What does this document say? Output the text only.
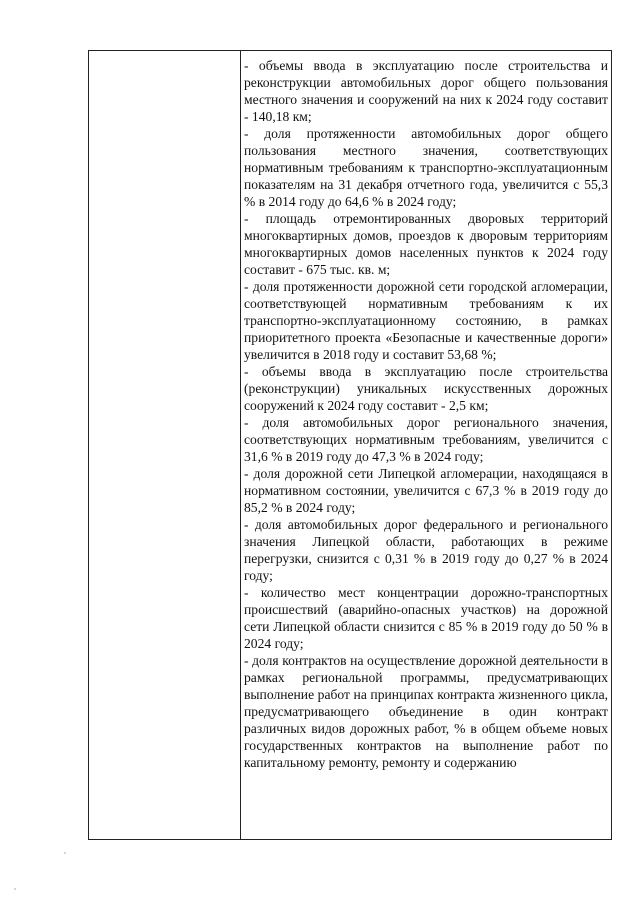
- объемы ввода в эксплуатацию после строительства и реконструкции автомобильных дорог общего пользования местного значения и сооружений на них к 2024 году составит - 140,18 км;

- доля протяженности автомобильных дорог общего пользования местного значения, соответствующих нормативным требованиям к транспортно-эксплуатационным показателям на 31 декабря отчетного года, увеличится с 55,3 % в 2014 году до 64,6 % в 2024 году;

- площадь отремонтированных дворовых территорий многоквартирных домов, проездов к дворовым территориям многоквартирных домов населенных пунктов к 2024 году составит - 675 тыс. кв. м;

- доля протяженности дорожной сети городской агломерации, соответствующей нормативным требованиям к их транспортно-эксплуатационному состоянию, в рамках приоритетного проекта «Безопасные и качественные дороги» увеличится в 2018 году и составит 53,68 %;

- объемы ввода в эксплуатацию после строительства (реконструкции) уникальных искусственных дорожных сооружений к 2024 году составит - 2,5 км;

- доля автомобильных дорог регионального значения, соответствующих нормативным требованиям, увеличится с 31,6 % в 2019 году до 47,3 % в 2024 году;

- доля дорожной сети Липецкой агломерации, находящаяся в нормативном состоянии, увеличится с 67,3 % в 2019 году до 85,2 % в 2024 году;

- доля автомобильных дорог федерального и регионального значения Липецкой области, работающих в режиме перегрузки, снизится с 0,31 % в 2019 году до 0,27 % в 2024 году;

- количество мест концентрации дорожно-транспортных происшествий (аварийно-опасных участков) на дорожной сети Липецкой области снизится с 85 % в 2019 году до 50 % в 2024 году;

- доля контрактов на осуществление дорожной деятельности в рамках региональной программы, предусматривающих выполнение работ на принципах контракта жизненного цикла, предусматривающего объединение в один контракт различных видов дорожных работ, % в общем объеме новых государственных контрактов на выполнение работ по капитальному ремонту, ремонту и содержанию
